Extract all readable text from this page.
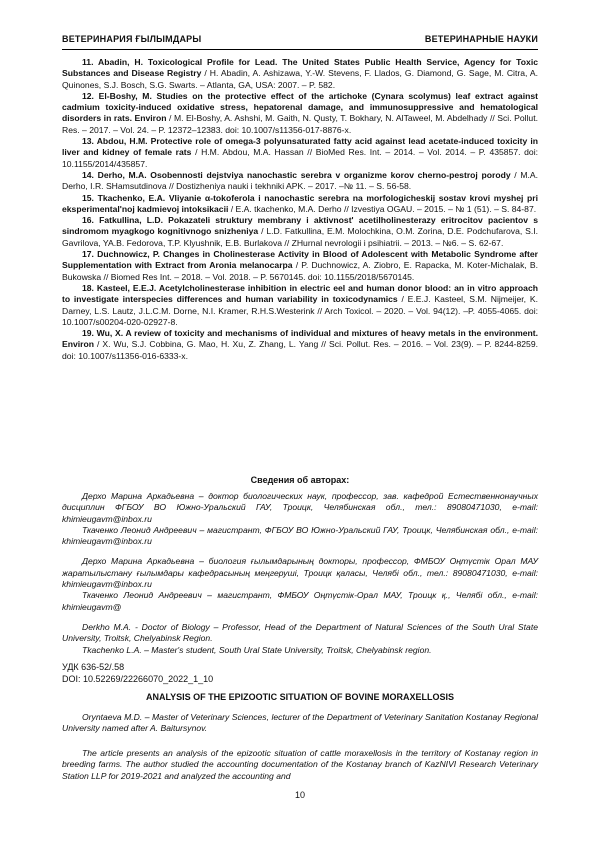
ВЕТЕРИНАРИЯ ҒЫЛЫМДАРЫ	ВЕТЕРИНАРНЫЕ НАУКИ

11. Abadin, H. Toxicological Profile for Lead. The United States Public Health Service, Agency for Toxic Substances and Disease Registry / H. Abadin, A. Ashizawa, Y.-W. Stevens, F. Llados, G. Diamond, G. Sage, M. Citra, A. Quinones, S.J. Bosch, S.G. Swarts. – Atlanta, GA, USA: 2007. – P. 582.

12. El-Boshy, M. Studies on the protective effect of the artichoke (Cynara scolymus) leaf extract against cadmium toxicity-induced oxidative stress, hepatorenal damage, and immunosuppressive and hematological disorders in rats. Environ / M. El-Boshy, A. Ashshi, M. Gaith, N. Qusty, T. Bokhary, N. AlTaweel, M. Abdelhady // Sci. Pollut. Res. – 2017. – Vol. 24. – P. 12372–12383. doi: 10.1007/s11356-017-8876-x.

13. Abdou, H.M. Protective role of omega-3 polyunsaturated fatty acid against lead acetate-induced toxicity in liver and kidney of female rats / H.M. Abdou, M.A. Hassan // BioMed Res. Int. – 2014. – Vol. 2014. – P. 435857. doi: 10.1155/2014/435857.

14. Derho, M.A. Osobennosti dejstviya nanochastic serebra v organizme korov cherno-pestroj porody / M.A. Derho, I.R. SHamsutdinova // Dostizheniya nauki i tekhniki APK. – 2017. –№ 11. – S. 56-58.

15. Tkachenko, E.A. Vliyanie α-tokoferola i nanochastic serebra na morfologicheskij sostav krovi myshej pri eksperimental'noj kadmievoj intoksikacii / E.A. tkachenko, M.A. Derho // Izvestiya OGAU. – 2015. – № 1 (51). – S. 84-87.

16. Fatkullina, L.D. Pokazateli struktury membrany i aktivnost' acetilholinesterazy eritrocitov pacientov s sindromom myagkogo kognitivnogo snizheniya / L.D. Fatkullina, E.M. Molochkina, O.M. Zorina, D.E. Podchufarova, S.I. Gavrilova, YA.B. Fedorova, T.P. Klyushnik, E.B. Burlakova // ZHurnal nevrologii i psihiatrii. – 2013. – №6. – S. 62-67.

17. Duchnowicz, P. Changes in Cholinesterase Activity in Blood of Adolescent with Metabolic Syndrome after Supplementation with Extract from Aronia melanocarpa / P. Duchnowicz, A. Ziobro, E. Rapacka, M. Koter-Michalak, B. Bukowska // Biomed Res Int. – 2018. – Vol. 2018. – P. 5670145. doi: 10.1155/2018/5670145.

18. Kasteel, E.E.J. Acetylcholinesterase inhibition in electric eel and human donor blood: an in vitro approach to investigate interspecies differences and human variability in toxicodynamics / E.E.J. Kasteel, S.M. Nijmeijer, K. Darney, L.S. Lautz, J.L.C.M. Dorne, N.I. Kramer, R.H.S.Westerink // Arch Toxicol. – 2020. – Vol. 94(12). –P. 4055-4065. doi: 10.1007/s00204-020-02927-8.

19. Wu, X. A review of toxicity and mechanisms of individual and mixtures of heavy metals in the environment. Environ / X. Wu, S.J. Cobbina, G. Mao, H. Xu, Z. Zhang, L. Yang // Sci. Pollut. Res. – 2016. – Vol. 23(9). – P. 8244-8259. doi: 10.1007/s11356-016-6333-x.

Сведения об авторах:

Дерхо Марина Аркадьевна – доктор биологических наук, профессор, зав. кафедрой Естественнонаучных дисциплин ФГБОУ ВО Южно-Уральский ГАУ, Троицк, Челябинская обл., тел.: 89080471030, e-mail: khimieugavm@inbox.ru

Ткаченко Леонид Андреевич – магистрант, ФГБОУ ВО Южно-Уральский ГАУ, Троицк, Челябинская обл., e-mail: khimieugavm@inbox.ru

Дерхо Марина Аркадьевна – биология ғылымдарының докторы, профессор, ФМБОУ Оңтүстік Орал МАУ жаратылыстану ғылымдары кафедрасының меңгеруші, Троицк қаласы, Челябі обл., тел.: 89080471030, e-mail: khimieugavm@inbox.ru

Ткаченко Леонид Андреевич – магистрант, ФМБОУ Оңтүстік-Орал МАУ, Троицк қ., Челябі обл., e-mail: khimieugavm@

Derkho M.A. - Doctor of Biology – Professor, Head of the Department of Natural Sciences of the South Ural State University, Troitsk, Chelyabinsk Region.

Tkachenko L.A. – Master's student, South Ural State University, Troitsk, Chelyabinsk region.

УДК 636-52/.58
DOI: 10.52269/22266070_2022_1_10
ANALYSIS OF THE EPIZOOTIC SITUATION OF BOVINE MORAXELLOSIS
Oryntaeva M.D. – Master of Veterinary Sciences, lecturer of the Department of Veterinary Sanitation Kostanay Regional University named after A. Baitursynov.
The article presents an analysis of the epizootic situation of cattle moraxellosis in the territory of Kostanay region in breeding farms. The author studied the accounting documentation of the Kostanay branch of KazNIVI Research Veterinary Station LLP for 2019-2021 and analyzed the accounting and
10
